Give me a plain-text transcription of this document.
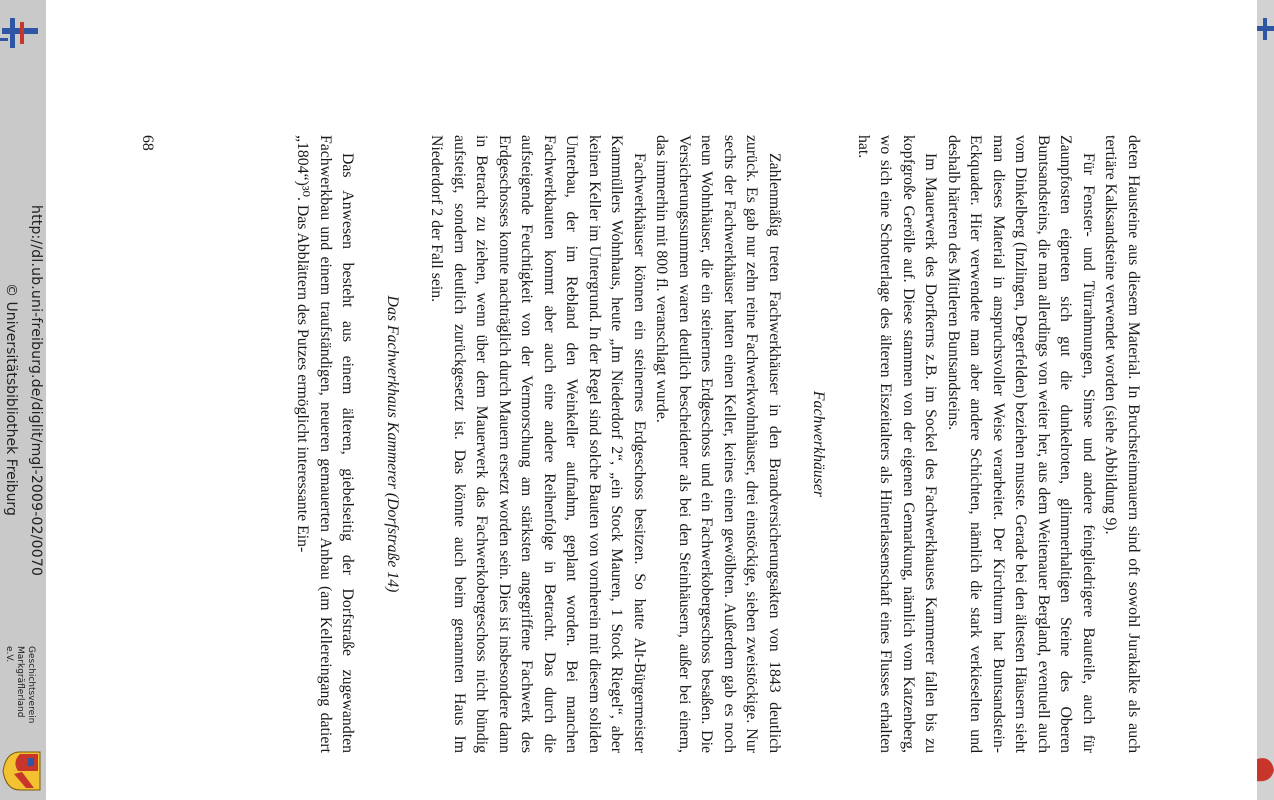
deten Hausteine aus diesem Material. In Bruchsteinmauern sind oft sowohl Jurakalke als auch tertiäre Kalksandsteine verwendet worden (siehe Abbildung 9).

Für Fenster- und Türrahmungen, Simse und andere feingliedrigere Bauteile, auch für Zaunpfosten eigneten sich gut die dunkelroten, glimmerhaltigen Steine des Oberen Buntsandsteins, die man allerdings von weiter her, aus dem Weitenauer Bergland, eventuell auch vom Dinkelberg (Inzlingen, Degerfelden) beziehen musste. Gerade bei den ältesten Häusern sieht man dieses Material in anspruchsvoller Weise verarbeitet. Der Kirchturm hat Buntsandstein-Eckquader. Hier verwendete man aber andere Schichten, nämlich die stark verkieselten und deshalb härteren des Mittleren Buntsandsteins.

Im Mauerwerk des Dorfkerns z.B. im Sockel des Fachwerkhauses Kammerer fallen bis zu kopfgroße Gerölle auf. Diese stammen von der eigenen Gemarkung, nämlich vom Katzenberg, wo sich eine Schotterlage des älteren Eiszeitalters als Hinterlassenschaft eines Flusses erhalten hat.

Fachwerkhäuser

Zahlenmäßig treten Fachwerkhäuser in den Brandversicherungsakten von 1843 deutlich zurück. Es gab nur zehn reine Fachwerkwohnhäuser, drei einstöckige, sieben zweistöckige. Nur sechs der Fachwerkhäuser hatten einen Keller, keines einen gewölbten. Außerdem gab es noch neun Wohnhäuser, die ein steinernes Erdgeschoss und ein Fachwerkobergeschoss besaßen. Die Versicherungssummen waren deutlich bescheidener als bei den Steinhäusern, außer bei einem, das immerhin mit 800 fl. veranschlagt wurde.

Fachwerkhäuser können ein steinernes Erdgeschoss besitzen. So hatte Alt-Bürgermeister Kammüllers Wohnhaus, heute „Im Niederdorf 2“, „ein Stock Mauren, 1 Stock Riegel“, aber keinen Keller im Untergrund. In der Regel sind solche Bauten von vornherein mit diesem soliden Unterbau, der im Rebland den Weinkeller aufnahm, geplant worden. Bei manchen Fachwerkbauten kommt aber auch eine andere Reihenfolge in Betracht. Das durch die aufsteigende Feuchtigkeit von der Vermorschung am stärksten angegriffene Fachwerk des Erdgeschosses konnte nachträglich durch Mauern ersetzt worden sein. Dies ist insbesondere dann in Betracht zu ziehen, wenn über dem Mauerwerk das Fachwerkobergeschoss nicht bündig aufsteigt, sondern deutlich zurückgesetzt ist. Das könnte auch beim genannten Haus Im Niederdorf 2 der Fall sein.

Das Fachwerkhaus Kammerer (Dorfstraße 14)

Das Anwesen besteht aus einem älteren, giebelseitig der Dorfstraße zugewandten Fachwerkbau und einem traufständigen, neueren gemauerten Anbau (am Kellereingang datiert „1804“)³⁰. Das Abblättern des Putzes ermöglicht interessante Ein-

68
http://dl.ub.uni-freiburg.de/diglit/mgl-2009-02/0070
© Universitätsbibliothek Freiburg
Geschichtsverein
Markgräflerland e.V.
